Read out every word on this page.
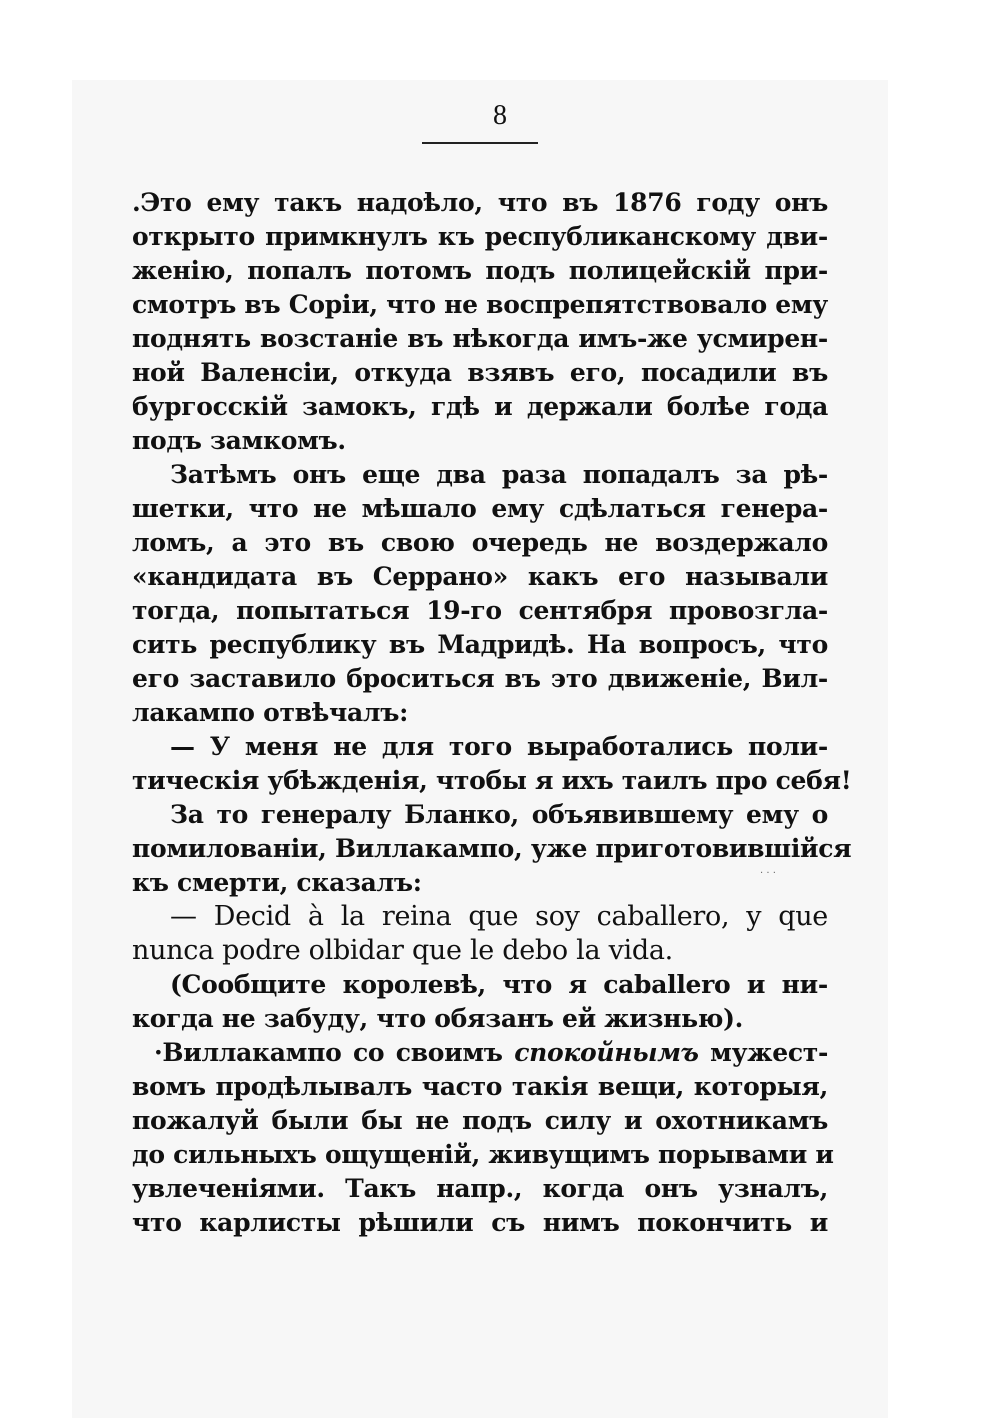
8
.Это ему такъ надоѣло, что въ 1876 году онъ
открыто примкнулъ къ республиканскому дви-
женію, попалъ потомъ подъ полицейскій при-
смотръ въ Соріи, что не воспрепятствовало ему
поднять возстаніе въ нѣкогда имъ-же усмирен-
ной Валенсіи, откуда взявъ его, посадили въ
бургосскій замокъ, гдѣ и держали болѣе года
подъ замкомъ.
Затѣмъ онъ еще два раза попадалъ за рѣ-
шетки, что не мѣшало ему сдѣлаться генера-
ломъ, а это въ свою очередь не воздержало
«кандидата въ Серрано» какъ его называли
тогда, попытаться 19-го сентября провозгла-
сить республику въ Мадридѣ. На вопросъ, что
его заставило броситься въ это движеніе, Вил-
лакампо отвѣчалъ:
— У меня не для того выработались поли-
тическія убѣжденія, чтобы я ихъ таилъ про себя!
За то генералу Бланко, объявившему ему о
помилованіи, Виллакампо, уже приготовившійся
къ смерти, сказалъ:	· · ·
— Decid à la reina que soy caballero, y que
nunca podre olbidar que le debo la vida.
(Сообщите королевѣ, что я caballero и ни-
когда не забуду, что обязанъ ей жизнью).
·Виллакампо со своимъ спокойнымъ мужест-
вомъ продѣлывалъ часто такія вещи, которыя,
пожалуй были бы не подъ силу и охотникамъ
до сильныхъ ощущеній, живущимъ порывами и
увлеченіями. Такъ напр., когда онъ узналъ,
что карлисты рѣшили съ нимъ покончить и
